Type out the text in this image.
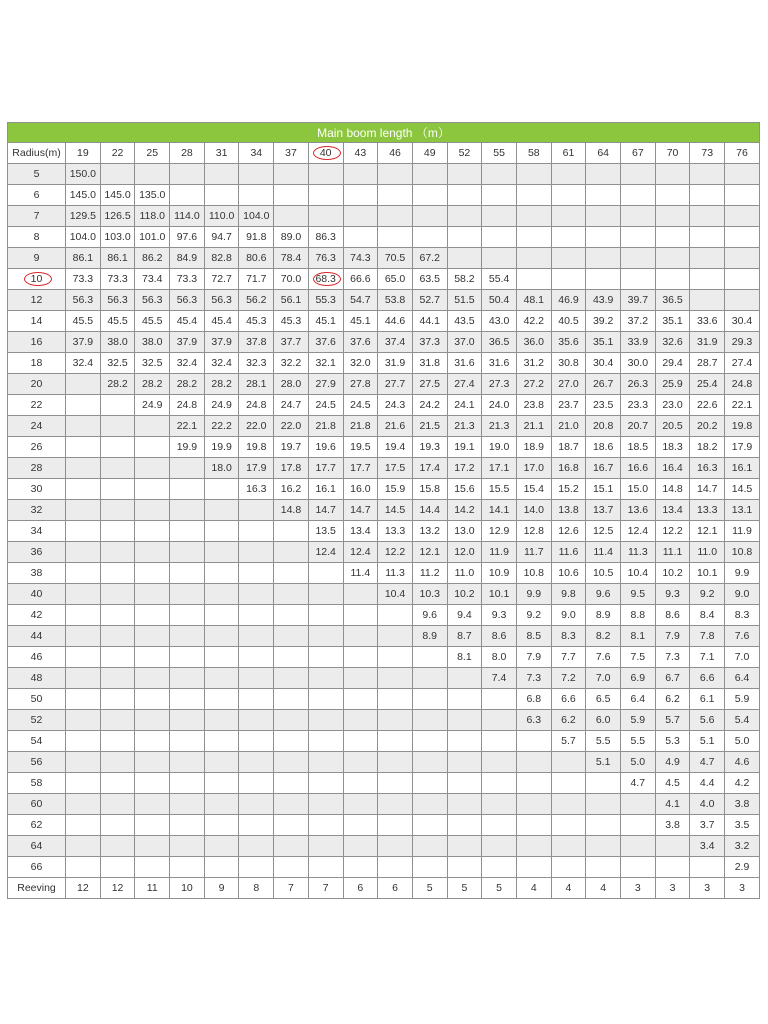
Main boom length （m）																				
Radius(m)	19	22	25	28	31	34	37	40	43	46	49	52	55	58	61	64	67	70	73	76
5	150.0																			
6	145.0	145.0	135.0																	
7	129.5	126.5	118.0	114.0	110.0	104.0														
8	104.0	103.0	101.0	97.6	94.7	91.8	89.0	86.3												
9	86.1	86.1	86.2	84.9	82.8	80.6	78.4	76.3	74.3	70.5	67.2									
10	73.3	73.3	73.4	73.3	72.7	71.7	70.0	68.3	66.6	65.0	63.5	58.2	55.4							
12	56.3	56.3	56.3	56.3	56.3	56.2	56.1	55.3	54.7	53.8	52.7	51.5	50.4	48.1	46.9	43.9	39.7	36.5		
14	45.5	45.5	45.5	45.4	45.4	45.3	45.3	45.1	45.1	44.6	44.1	43.5	43.0	42.2	40.5	39.2	37.2	35.1	33.6	30.4
16	37.9	38.0	38.0	37.9	37.9	37.8	37.7	37.6	37.6	37.4	37.3	37.0	36.5	36.0	35.6	35.1	33.9	32.6	31.9	29.3
18	32.4	32.5	32.5	32.4	32.4	32.3	32.2	32.1	32.0	31.9	31.8	31.6	31.6	31.2	30.8	30.4	30.0	29.4	28.7	27.4
20		28.2	28.2	28.2	28.2	28.1	28.0	27.9	27.8	27.7	27.5	27.4	27.3	27.2	27.0	26.7	26.3	25.9	25.4	24.8
22			24.9	24.8	24.9	24.8	24.7	24.5	24.5	24.3	24.2	24.1	24.0	23.8	23.7	23.5	23.3	23.0	22.6	22.1
24				22.1	22.2	22.0	22.0	21.8	21.8	21.6	21.5	21.3	21.3	21.1	21.0	20.8	20.7	20.5	20.2	19.8
26				19.9	19.9	19.8	19.7	19.6	19.5	19.4	19.3	19.1	19.0	18.9	18.7	18.6	18.5	18.3	18.2	17.9
28					18.0	17.9	17.8	17.7	17.7	17.5	17.4	17.2	17.1	17.0	16.8	16.7	16.6	16.4	16.3	16.1
30						16.3	16.2	16.1	16.0	15.9	15.8	15.6	15.5	15.4	15.2	15.1	15.0	14.8	14.7	14.5
32							14.8	14.7	14.7	14.5	14.4	14.2	14.1	14.0	13.8	13.7	13.6	13.4	13.3	13.1
34								13.5	13.4	13.3	13.2	13.0	12.9	12.8	12.6	12.5	12.4	12.2	12.1	11.9
36								12.4	12.4	12.2	12.1	12.0	11.9	11.7	11.6	11.4	11.3	11.1	11.0	10.8
38									11.4	11.3	11.2	11.0	10.9	10.8	10.6	10.5	10.4	10.2	10.1	9.9
40										10.4	10.3	10.2	10.1	9.9	9.8	9.6	9.5	9.3	9.2	9.0
42											9.6	9.4	9.3	9.2	9.0	8.9	8.8	8.6	8.4	8.3
44											8.9	8.7	8.6	8.5	8.3	8.2	8.1	7.9	7.8	7.6
46												8.1	8.0	7.9	7.7	7.6	7.5	7.3	7.1	7.0
48													7.4	7.3	7.2	7.0	6.9	6.7	6.6	6.4
50														6.8	6.6	6.5	6.4	6.2	6.1	5.9
52														6.3	6.2	6.0	5.9	5.7	5.6	5.4
54															5.7	5.5	5.5	5.3	5.1	5.0
56																5.1	5.0	4.9	4.7	4.6
58																	4.7	4.5	4.4	4.2
60																		4.1	4.0	3.8
62																		3.8	3.7	3.5
64																			3.4	3.2
66																				2.9
Reeving	12	12	11	10	9	8	7	7	6	6	5	5	5	4	4	4	3	3	3	3
